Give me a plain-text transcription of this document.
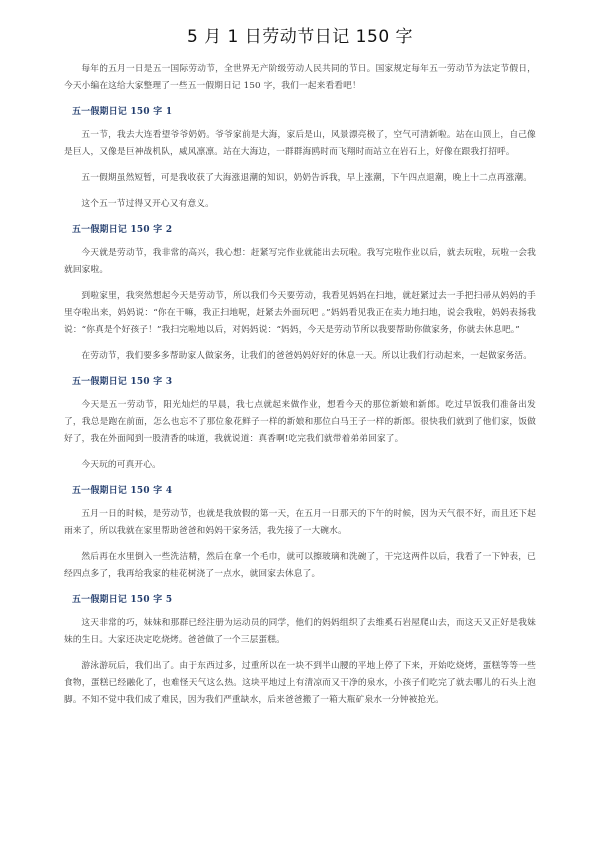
5 月 1 日劳动节日记 150 字

每年的五月一日是五一国际劳动节，全世界无产阶级劳动人民共同的节日。国家规定每年五一劳动节为法定节假日，今天小编在这给大家整理了一些五一假期日记 150 字，我们一起来看看吧！

五一假期日记 150 字 1

五一节，我去大连看望爷爷奶奶。爷爷家前是大海，家后是山，风景漂亮极了，空气可清新啦。站在山顶上，自己像是巨人，又像是巨神战机队，威风凛凛。站在大海边，一群群海鸥时而飞翔时而站立在岩石上，好像在跟我打招呼。

五一假期虽然短暂，可是我收获了大海涨退潮的知识，奶奶告诉我，早上涨潮，下午四点退潮，晚上十二点再涨潮。

这个五一节过得又开心又有意义。

五一假期日记 150 字 2

今天就是劳动节，我非常的高兴，我心想：赶紧写完作业就能出去玩啦。我写完啦作业以后，就去玩啦，玩啦一会我就回家啦。

到啦家里，我突然想起今天是劳动节，所以我们今天要劳动，我看见妈妈在扫地，就赶紧过去一手把扫帚从妈妈的手里夺啦出来，妈妈说：“你在干嘛，我正扫地呢，赶紧去外面玩吧 。”妈妈看见我正在卖力地扫地，说会我啦，妈妈表扬我说：“你真是个好孩子！”我扫完啦地以后，对妈妈说：“妈妈，今天是劳动节所以我要帮助你做家务，你就去休息吧。”

在劳动节，我们要多多帮助家人做家务，让我们的爸爸妈妈好好的休息一天。所以让我们行动起来，一起做家务活。

五一假期日记 150 字 3

今天是五一劳动节，阳光灿烂的早晨，我七点就起来做作业，想看今天的那位新娘和新郎。吃过早饭我们准备出发了，我总是跑在前面，怎么也忘不了那位象花鲜子一样的新娘和那位白马王子一样的新郎。很快我们就到了他们家，饭做好了，我在外面闻到一股清香的味道，我就说道：真香啊!吃完我们就带着弟弟回家了。

今天玩的可真开心。

五一假期日记 150 字 4

五月一日的时候，是劳动节，也就是我放假的第一天，在五月一日那天的下午的时候，因为天气很不好，而且还下起雨来了，所以我就在家里帮助爸爸和妈妈干家务活，我先接了一大碗水。

然后再在水里倒入一些洗洁精，然后在拿一个毛巾，就可以擦玻璃和洗碗了，干完这两件以后，我看了一下钟表，已经四点多了，我再给我家的桂花树浇了一点水，就回家去休息了。

五一假期日记 150 字 5

这天非常的巧，妹妹和那群已经注册为运动员的同学，他们的妈妈组织了去维奚石岩屋爬山去，而这天又正好是我妹妹的生日。大家还决定吃烧烤。爸爸做了一个三层蛋糕。

游泳游玩后，我们出了。由于东西过多，过重所以在一块不到半山腰的平地上停了下来，开始吃烧烤，蛋糕等等一些食物，蛋糕已经融化了，也难怪天气这么热。这块平地过上有清凉而又干净的泉水，小孩子们吃完了就去哪儿的石头上泡脚。不知不觉中我们成了难民，因为我们严重缺水，后来爸爸搬了一箱大瓶矿泉水一分钟被抢光。
